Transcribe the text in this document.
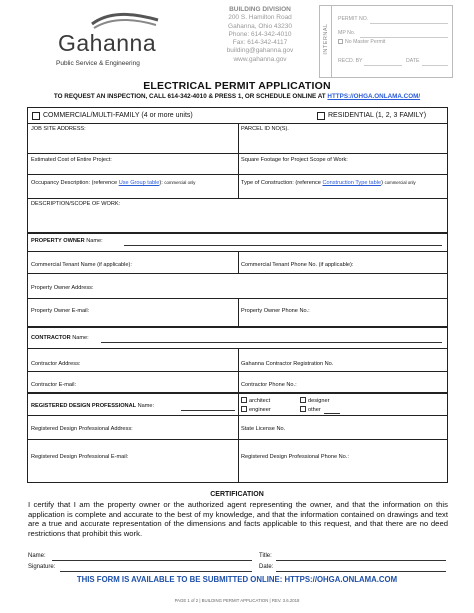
Gahanna
Public Service & Engineering
BUILDING DIVISION
200 S. Hamilton Road
Gahanna, Ohio 43230
Phone: 614-342-4010
Fax: 614-342-4117
building@gahanna.gov
www.gahanna.gov
INTERNAL
PERMIT NO.
MP No.
No Master Permit
RECD. BY	DATE
ELECTRICAL PERMIT APPLICATION
TO REQUEST AN INSPECTION, CALL 614-342-4010 & PRESS 1, OR SCHEDULE ONLINE AT HTTPS://OHGA.ONLAMA.COM/
COMMERCIAL/MULTI-FAMILY (4 or more units)	RESIDENTIAL (1, 2, 3 FAMILY)
JOB SITE ADDRESS:	PARCEL ID NO(S).
Estimated Cost of Entire Project:	Square Footage for Project Scope of Work:
Occupancy Description: (reference Use Group table): commercial only	Type of Construction: (reference Construction Type table) commercial only
DESCRIPTION/SCOPE OF WORK:
PROPERTY OWNER Name:
Commercial Tenant Name (if applicable):	Commercial Tenant Phone No. (if applicable):
Property Owner Address:
Property Owner E-mail:	Property Owner Phone No.:
CONTRACTOR Name:
Contractor Address:	Gahanna Contractor Registration No.
Contractor E-mail:	Contractor Phone No.:
REGISTERED DESIGN PROFESSIONAL Name:
architect	designer
engineer	other
Registered Design Professional Address:	State License No.
Registered Design Professional E-mail:	Registered Design Professional Phone No.:
CERTIFICATION
I certify that I am the property owner or the authorized agent representing the owner, and that the information on this application is complete and accurate to the best of my knowledge, and that the information contained on drawings and text are a true and accurate representation of the dimensions and facts applicable to this request, and that there are no deed restrictions that prohibit this work.
Name:	Title:
Signature:	Date:
THIS FORM IS AVAILABLE TO BE SUBMITTED ONLINE: HTTPS://OHGA.ONLAMA.COM
PAGE 1 of 2 | BUILDING PERMIT APPLICATION | REV. 3.6.2018
